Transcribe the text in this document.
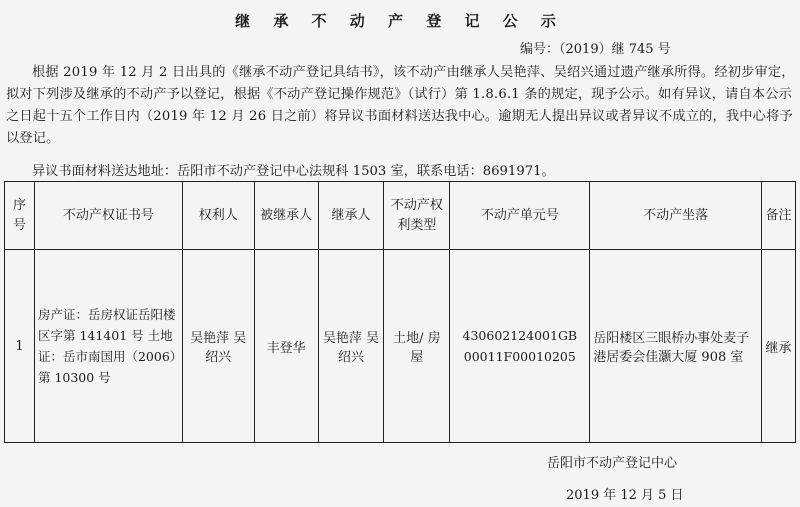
继 承 不 动 产 登 记 公 示
编号：（2019）继 745 号
根据 2019 年 12 月 2 日出具的《继承不动产登记具结书》，该不动产由继承人吴艳萍、吴绍兴通过遗产继承所得。经初步审定，拟对下列涉及继承的不动产予以登记，根据《不动产登记操作规范》（试行）第 1.8.6.1 条的规定，现予公示。如有异议，请自本公示之日起十五个工作日内（2019 年 12 月 26 日之前）将异议书面材料送达我中心。逾期无人提出异议或者异议不成立的，我中心将予以登记。
异议书面材料送达地址：岳阳市不动产登记中心法规科 1503 室，联系电话：8691971。
序号	不动产权证书号	权利人	被继承人	继承人	不动产权利类型	不动产单元号	不动产坐落	备注
1	房产证：岳房权证岳阳楼区字第 141401 号 土地证：岳市南国用（2006）第 10300 号	吴艳萍 吴绍兴	丰登华	吴艳萍 吴绍兴	土地/ 房屋	430602124001GB 00011F00010205	岳阳楼区三眼桥办事处麦子港居委会佳灏大厦 908 室	继承
岳阳市不动产登记中心
2019 年 12 月 5 日
